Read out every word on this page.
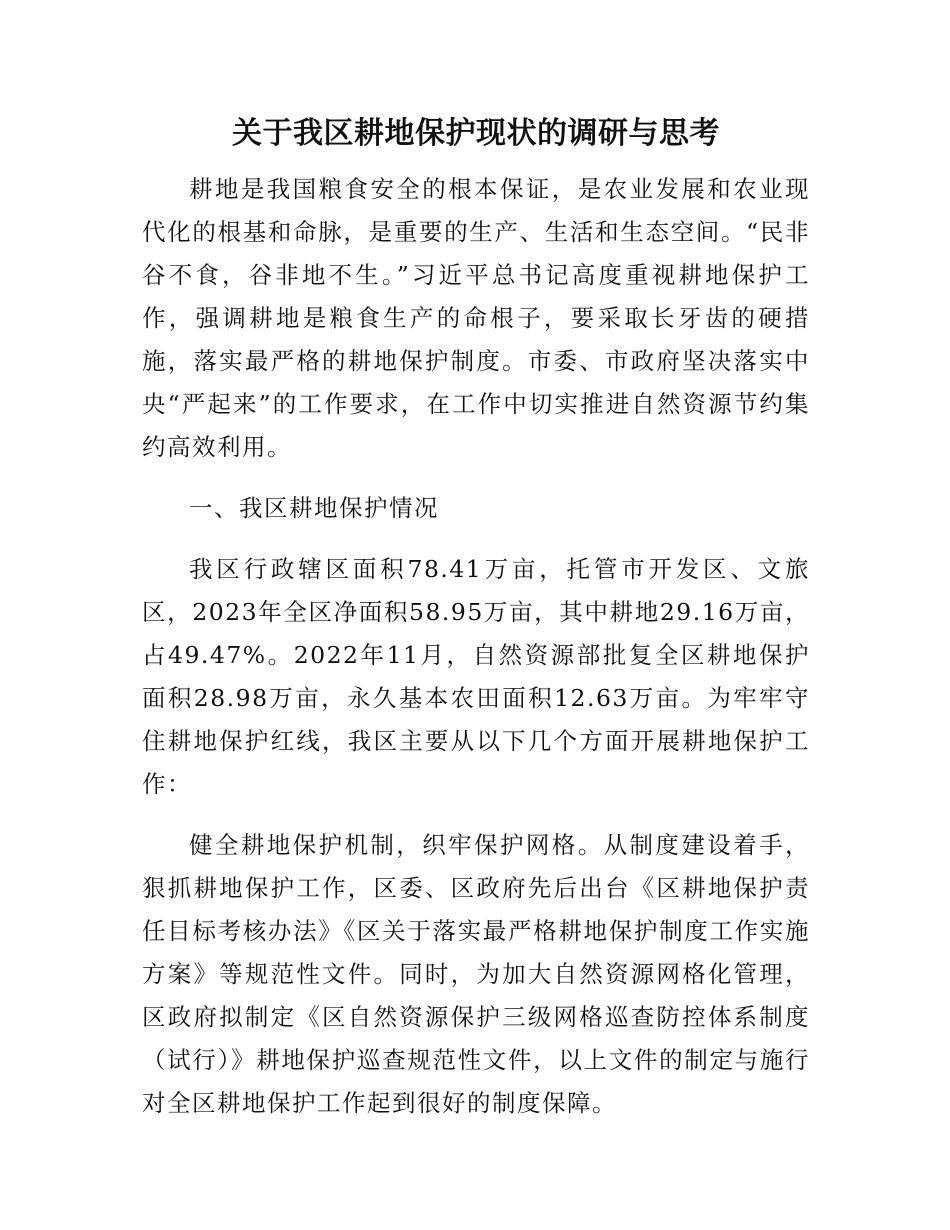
关于我区耕地保护现状的调研与思考

耕地是我国粮食安全的根本保证，是农业发展和农业现代化的根基和命脉，是重要的生产、生活和生态空间。“民非谷不食，谷非地不生。”习近平总书记高度重视耕地保护工作，强调耕地是粮食生产的命根子，要采取长牙齿的硬措施，落实最严格的耕地保护制度。市委、市政府坚决落实中央“严起来”的工作要求，在工作中切实推进自然资源节约集约高效利用。

一、我区耕地保护情况

我区行政辖区面积78.41万亩，托管市开发区、文旅区，2023年全区净面积58.95万亩，其中耕地29.16万亩，占49.47%。2022年11月，自然资源部批复全区耕地保护面积28.98万亩，永久基本农田面积12.63万亩。为牢牢守住耕地保护红线，我区主要从以下几个方面开展耕地保护工作：

健全耕地保护机制，织牢保护网格。从制度建设着手，狠抓耕地保护工作，区委、区政府先后出台《区耕地保护责任目标考核办法》《区关于落实最严格耕地保护制度工作实施方案》等规范性文件。同时，为加大自然资源网格化管理，区政府拟制定《区自然资源保护三级网格巡查防控体系制度（试行）》耕地保护巡查规范性文件，以上文件的制定与施行对全区耕地保护工作起到很好的制度保障。
